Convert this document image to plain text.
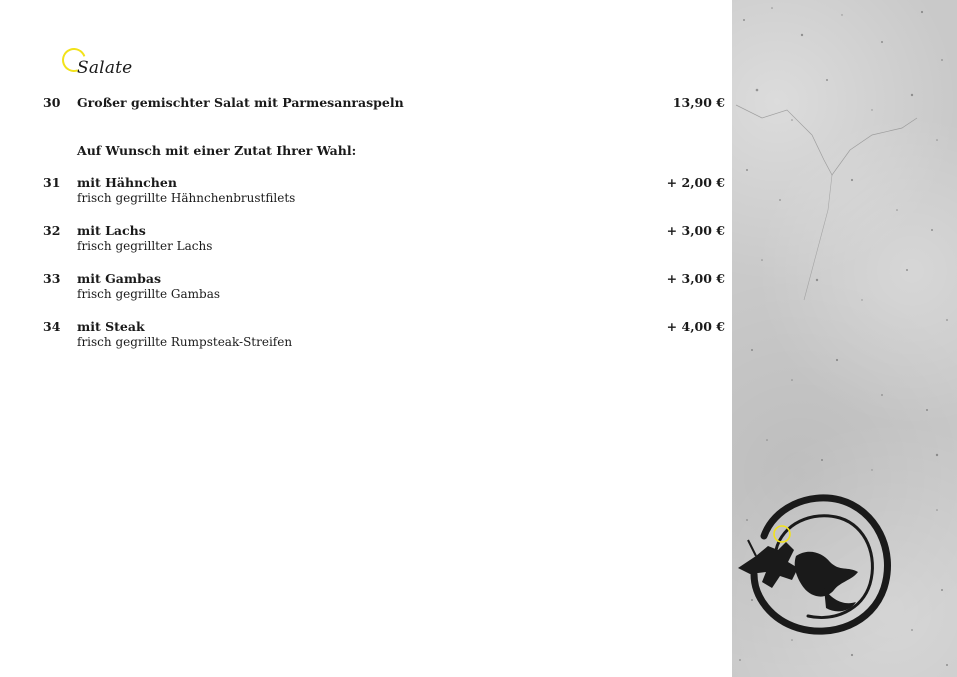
Salate
30 Großer gemischter Salat mit Parmesanraspeln	13,90 €
Auf Wunsch mit einer Zutat Ihrer Wahl:
31 mit Hähnchen
frisch gegrillte Hähnchenbrustfilets
+ 2,00 €
32 mit Lachs
frisch gegrillter Lachs
+ 3,00 €
33 mit Gambas
frisch gegrillte Gambas
+ 3,00 €
34 mit Steak
frisch gegrillte Rumpsteak-Streifen
+ 4,00 €
